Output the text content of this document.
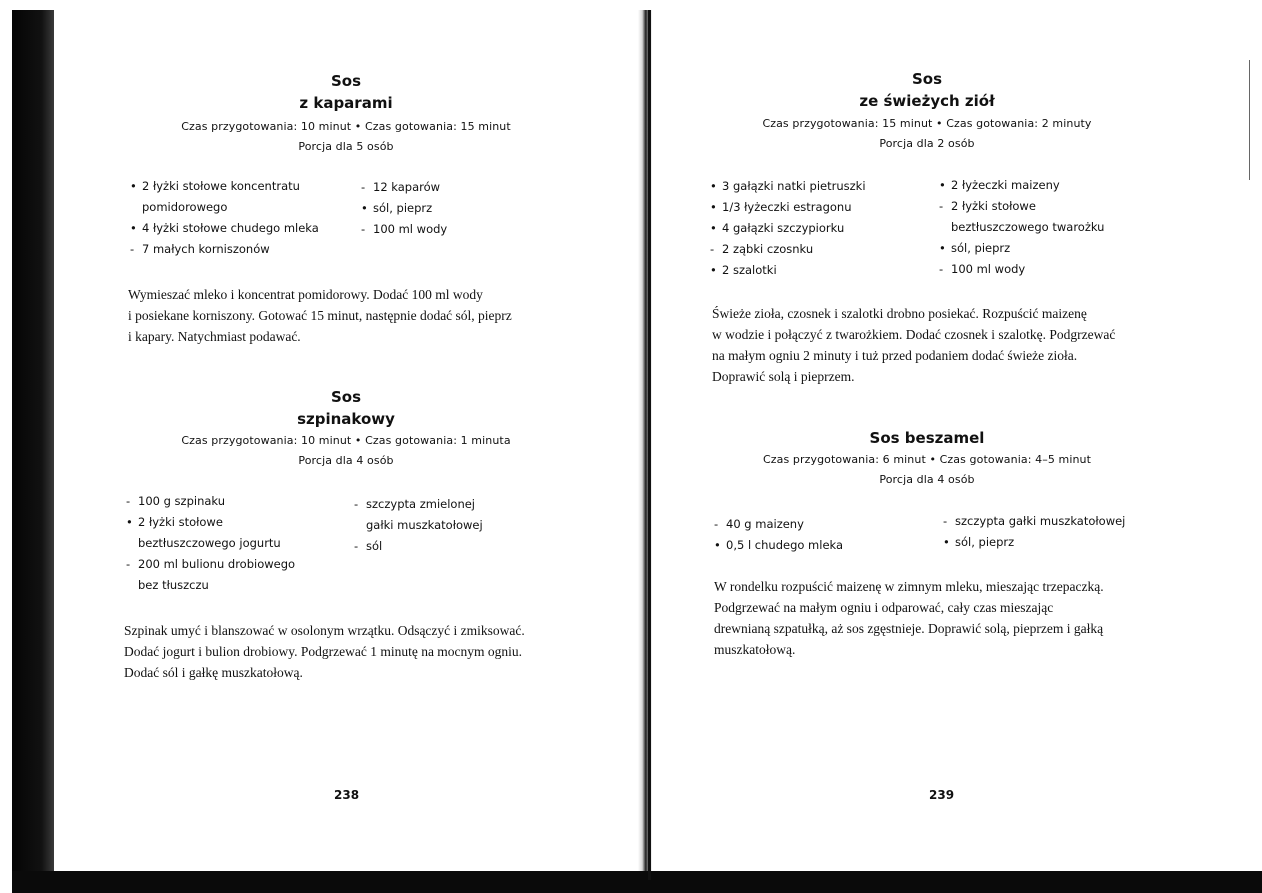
Sos
z kaparami
Czas przygotowania: 10 minut • Czas gotowania: 15 minut
Porcja dla 5 osób
• 2 łyżki stołowe koncentratu
pomidorowego
• 4 łyżki stołowe chudego mleka
- 7 małych korniszonów
- 12 kaparów
• sól, pieprz
- 100 ml wody
Wymieszać mleko i koncentrat pomidorowy. Dodać 100 ml wody
i posiekane korniszony. Gotować 15 minut, następnie dodać sól, pieprz
i kapary. Natychmiast podawać.
Sos
szpinakowy
Czas przygotowania: 10 minut • Czas gotowania: 1 minuta
Porcja dla 4 osób
- 100 g szpinaku
• 2 łyżki stołowe
beztłuszczowego jogurtu
- 200 ml bulionu drobiowego
bez tłuszczu
- szczypta zmielonej
gałki muszkatołowej
- sól
Szpinak umyć i blanszować w osolonym wrzątku. Odsączyć i zmiksować.
Dodać jogurt i bulion drobiowy. Podgrzewać 1 minutę na mocnym ogniu.
Dodać sól i gałkę muszkatołową.
238
Sos
ze świeżych ziół
Czas przygotowania: 15 minut • Czas gotowania: 2 minuty
Porcja dla 2 osób
• 3 gałązki natki pietruszki
• 1/3 łyżeczki estragonu
• 4 gałązki szczypiorku
- 2 ząbki czosnku
• 2 szalotki
• 2 łyżeczki maizeny
- 2 łyżki stołowe
beztłuszczowego twarożku
• sól, pieprz
- 100 ml wody
Świeże zioła, czosnek i szalotki drobno posiekać. Rozpuścić maizenę
w wodzie i połączyć z twarożkiem. Dodać czosnek i szalotkę. Podgrzewać
na małym ogniu 2 minuty i tuż przed podaniem dodać świeże zioła.
Doprawić solą i pieprzem.
Sos beszamel
Czas przygotowania: 6 minut • Czas gotowania: 4–5 minut
Porcja dla 4 osób
- 40 g maizeny
• 0,5 l chudego mleka
- szczypta gałki muszkatołowej
• sól, pieprz
W rondelku rozpuścić maizenę w zimnym mleku, mieszając trzepaczką.
Podgrzewać na małym ogniu i odparować, cały czas mieszając
drewnianą szpatułką, aż sos zgęstnieje. Doprawić solą, pieprzem i gałką
muszkatołową.
239
